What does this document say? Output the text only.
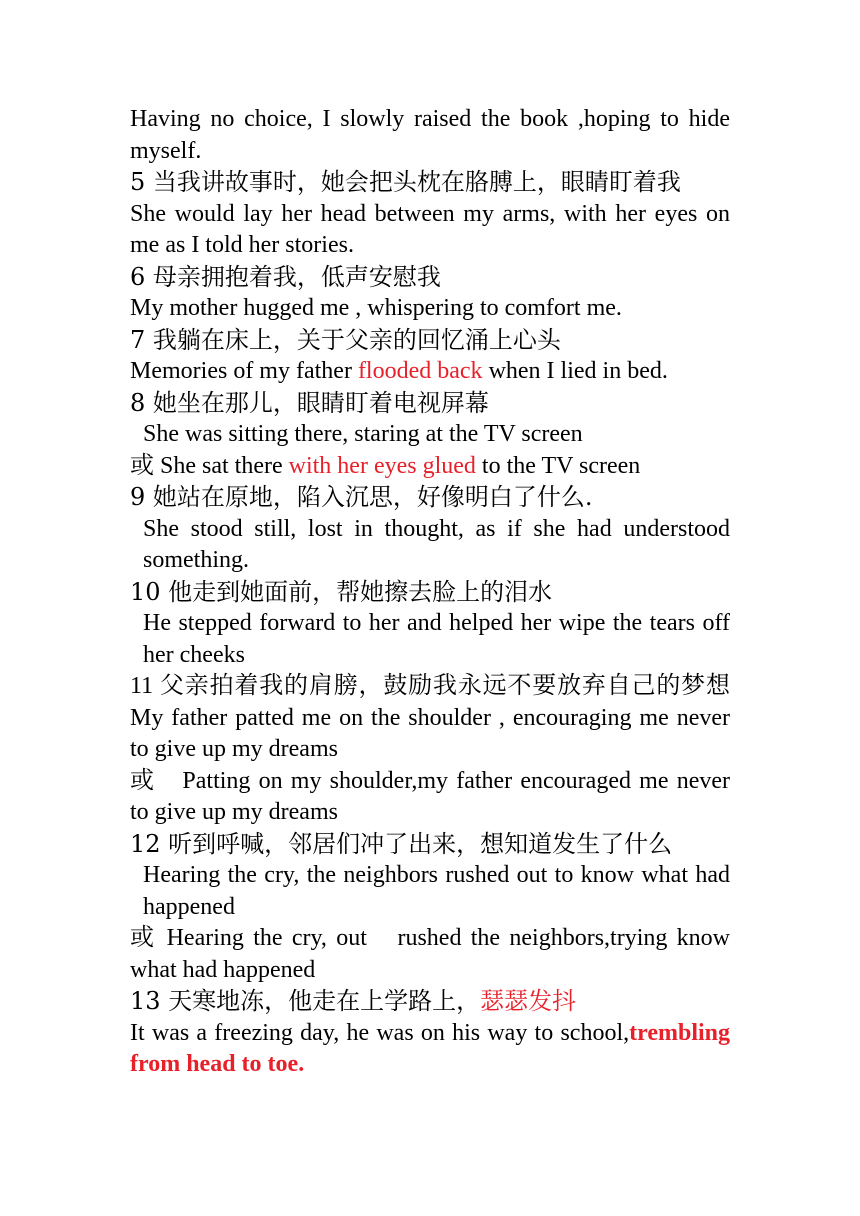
Having no choice, I slowly raised the book ,hoping to hide myself.

5 当我讲故事时，她会把头枕在胳膊上，眼睛盯着我

She would lay her head between my arms, with her eyes on me as I told her stories.

6 母亲拥抱着我，低声安慰我

My mother hugged me , whispering to comfort me.

7 我躺在床上，关于父亲的回忆涌上心头

Memories of my father flooded back when I lied in bed.

8 她坐在那儿，眼睛盯着电视屏幕

She was sitting there, staring at the TV screen

或 She sat there with her eyes glued to the TV screen

9 她站在原地，陷入沉思，好像明白了什么.

She stood still, lost in thought, as if she had understood something.

10 他走到她面前，帮她擦去脸上的泪水

He stepped forward to her and helped her wipe the tears off her cheeks

11 父亲拍着我的肩膀，鼓励我永远不要放弃自己的梦想 My father patted me on the shoulder , encouraging me never to give up my dreams

或　Patting on my shoulder,my father encouraged me never to give up my dreams

12 听到呼喊，邻居们冲了出来，想知道发生了什么

Hearing the cry, the neighbors rushed out to know what had happened

或 Hearing the cry, out　rushed the neighbors,trying know what had happened

13 天寒地冻，他走在上学路上，瑟瑟发抖

It was a freezing day, he was on his way to school,trembling from head to toe.
